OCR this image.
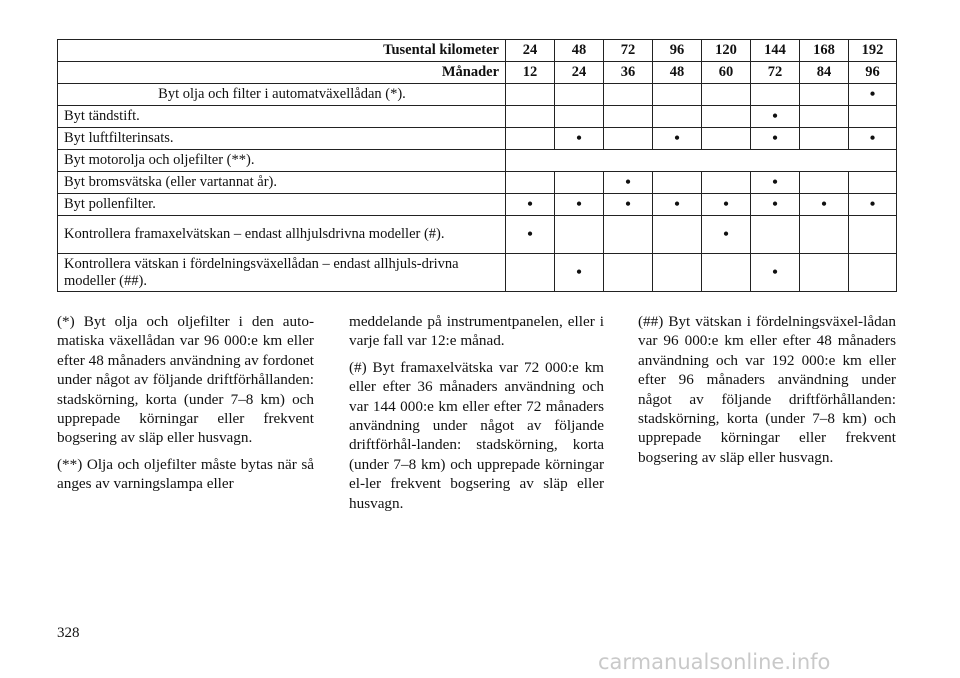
Tusental kilometer	24	48	72	96	120	144	168	192
Månader	12	24	36	48	60	72	84	96
Byt olja och filter i automatväxellådan (*).								•
Byt tändstift.						•		
Byt luftfilterinsats.		•		•		•		•
Byt motorolja och oljefilter (**).								
Byt bromsvätska (eller vartannat år).			•			•		
Byt pollenfilter.	•	•	•	•	•	•	•	•
Kontrollera framaxelvätskan – endast allhjulsdrivna modeller (#).	•				•			
Kontrollera vätskan i fördelningsväxellådan – endast allhjuls-drivna modeller (##).		•				•		

(*) Byt olja och oljefilter i den auto-matiska växellådan var 96 000:e km eller efter 48 månaders användning av fordonet under något av följande driftförhållanden: stadskörning, korta (under 7–8 km) och upprepade körningar eller frekvent bogsering av släp eller husvagn.

(**) Olja och oljefilter måste bytas när så anges av varningslampa eller

meddelande på instrumentpanelen, eller i varje fall var 12:e månad.

(#) Byt framaxelvätska var 72 000:e km eller efter 36 månaders användning och var 144 000:e km eller efter 72 månaders användning under något av följande driftförhål-landen: stadskörning, korta (under 7–8 km) och upprepade körningar el-ler frekvent bogsering av släp eller husvagn.

(##) Byt vätskan i fördelningsväxel-lådan var 96 000:e km eller efter 48 månaders användning och var 192 000:e km eller efter 96 månaders användning under något av följande driftförhållanden: stadskörning, korta (under 7–8 km) och upprepade körningar eller frekvent bogsering av släp eller husvagn.

328
carmanualsonline.info
